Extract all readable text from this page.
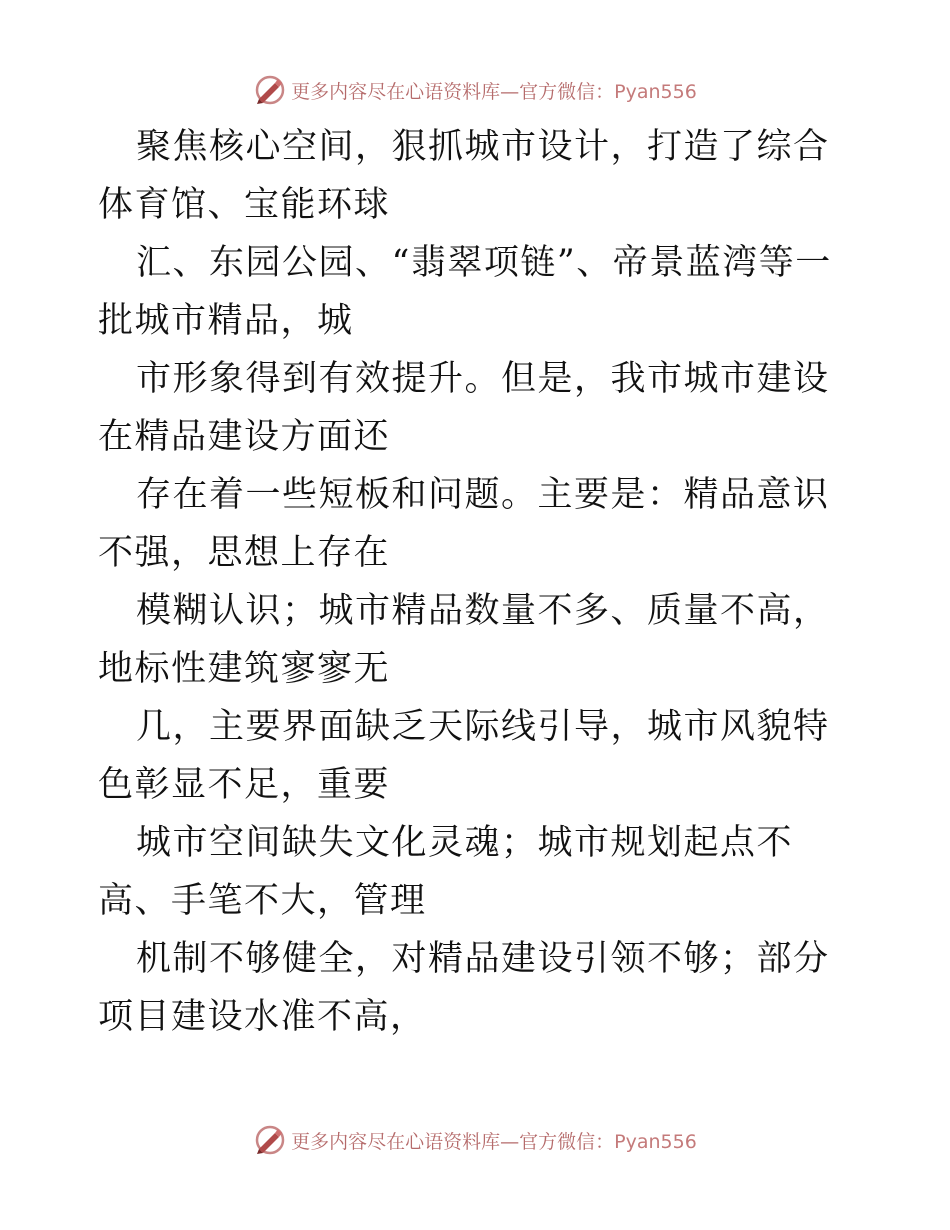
更多内容尽在心语资料库—官方微信：Pyan556

聚焦核心空间，狠抓城市设计，打造了综合体育馆、宝能环球

汇、东园公园、“翡翠项链”、帝景蓝湾等一批城市精品，城

市形象得到有效提升。但是，我市城市建设在精品建设方面还

存在着一些短板和问题。主要是：精品意识不强，思想上存在

模糊认识；城市精品数量不多、质量不高，地标性建筑寥寥无

几，主要界面缺乏天际线引导，城市风貌特色彰显不足，重要

城市空间缺失文化灵魂；城市规划起点不高、手笔不大，管理

机制不够健全，对精品建设引领不够；部分项目建设水准不高，

更多内容尽在心语资料库—官方微信：Pyan556
